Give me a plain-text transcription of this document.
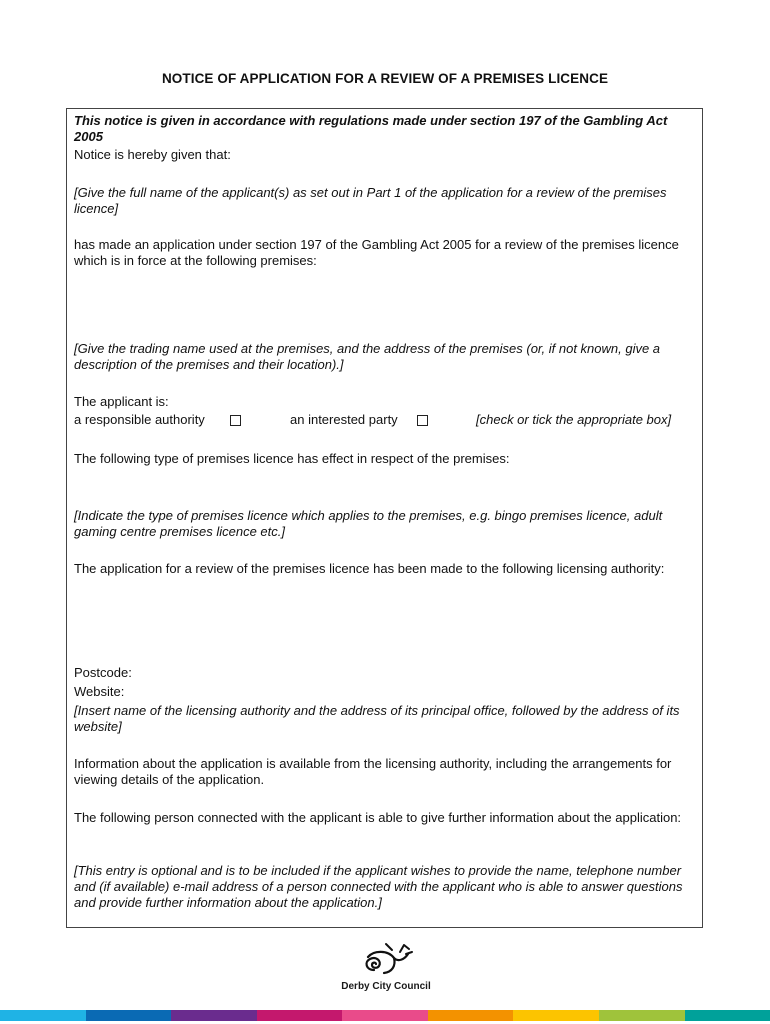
NOTICE OF APPLICATION FOR A REVIEW OF A PREMISES LICENCE
This notice is given in accordance with regulations made under section 197 of the Gambling Act 2005
Notice is hereby given that:
[Give the full name of the applicant(s) as set out in Part 1 of the application for a review of the premises licence]
has made an application under section 197 of the Gambling Act 2005 for a review of the premises licence which is in force at the following premises:
[Give the trading name used at the premises, and the address of the premises (or, if not known, give a description of the premises and their location).]
The applicant is:
a responsible authority	an interested party	[check or tick the appropriate box]
The following type of premises licence has effect in respect of the premises:
[Indicate the type of premises licence which applies to the premises, e.g. bingo premises licence, adult gaming centre premises licence etc.]
The application for a review of the premises licence has been made to the following licensing authority:
Postcode:
Website:
[Insert name of the licensing authority and the address of its principal office, followed by the address of its website]
Information about the application is available from the licensing authority, including the arrangements for viewing details of the application.
The following person connected with the applicant is able to give further information about the application:
[This entry is optional and is to be included if the applicant wishes to provide the name, telephone number and (if available) e-mail address of a person connected with the applicant who is able to answer questions and provide further information about the application.]
Derby City Council
